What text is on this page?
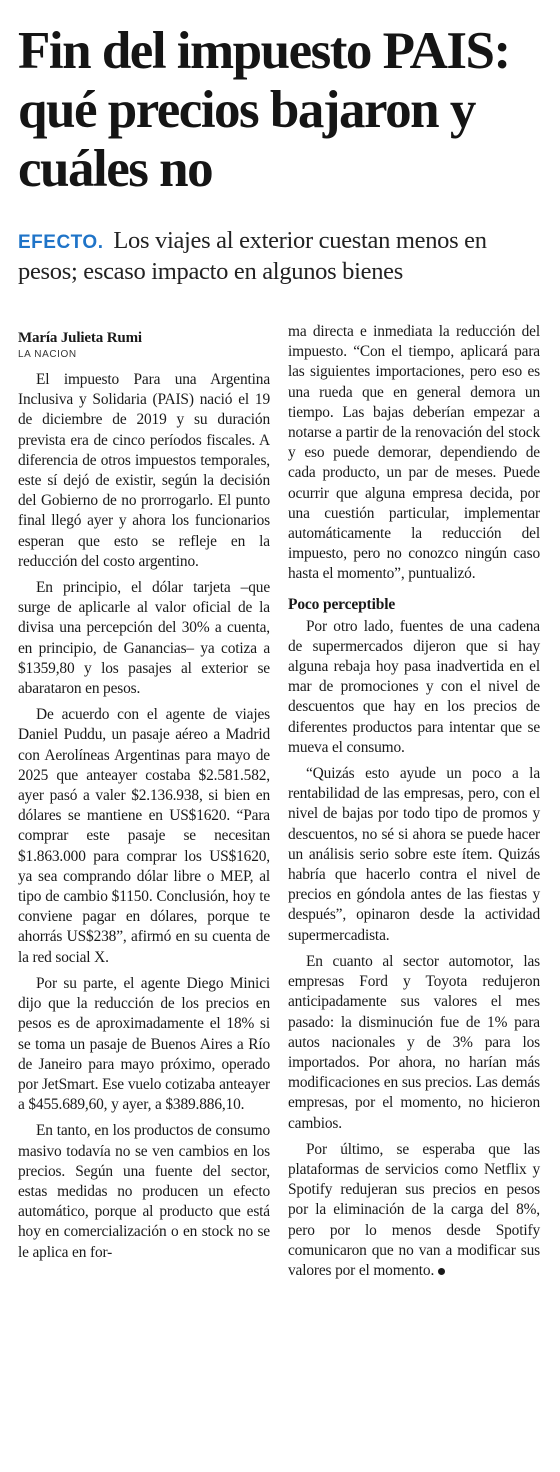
Fin del impuesto PAIS: qué precios bajaron y cuáles no

EFECTO. Los viajes al exterior cuestan menos en pesos; escaso impacto en algunos bienes

María Julieta Rumi
LA NACION

El impuesto Para una Argentina Inclusiva y Solidaria (PAIS) nació el 19 de diciembre de 2019 y su duración prevista era de cinco períodos fiscales. A diferencia de otros impuestos temporales, este sí dejó de existir, según la decisión del Gobierno de no prorrogarlo. El punto final llegó ayer y ahora los funcionarios esperan que esto se refleje en la reducción del costo argentino.

En principio, el dólar tarjeta –que surge de aplicarle al valor oficial de la divisa una percepción del 30% a cuenta, en principio, de Ganancias– ya cotiza a $1359,80 y los pasajes al exterior se abarataron en pesos.

De acuerdo con el agente de viajes Daniel Puddu, un pasaje aéreo a Madrid con Aerolíneas Argentinas para mayo de 2025 que anteayer costaba $2.581.582, ayer pasó a valer $2.136.938, si bien en dólares se mantiene en US$1620. “Para comprar este pasaje se necesitan $1.863.000 para comprar los US$1620, ya sea comprando dólar libre o MEP, al tipo de cambio $1150. Conclusión, hoy te conviene pagar en dólares, porque te ahorrás US$238”, afirmó en su cuenta de la red social X.

Por su parte, el agente Diego Minici dijo que la reducción de los precios en pesos es de aproximadamente el 18% si se toma un pasaje de Buenos Aires a Río de Janeiro para mayo próximo, operado por JetSmart. Ese vuelo cotizaba anteayer a $455.689,60, y ayer, a $389.886,10.

En tanto, en los productos de consumo masivo todavía no se ven cambios en los precios. Según una fuente del sector, estas medidas no producen un efecto automático, porque al producto que está hoy en comercialización o en stock no se le aplica en for-

ma directa e inmediata la reducción del impuesto. “Con el tiempo, aplicará para las siguientes importaciones, pero eso es una rueda que en general demora un tiempo. Las bajas deberían empezar a notarse a partir de la renovación del stock y eso puede demorar, dependiendo de cada producto, un par de meses. Puede ocurrir que alguna empresa decida, por una cuestión particular, implementar automáticamente la reducción del impuesto, pero no conozco ningún caso hasta el momento”, puntualizó.

Poco perceptible

Por otro lado, fuentes de una cadena de supermercados dijeron que si hay alguna rebaja hoy pasa inadvertida en el mar de promociones y con el nivel de descuentos que hay en los precios de diferentes productos para intentar que se mueva el consumo.

“Quizás esto ayude un poco a la rentabilidad de las empresas, pero, con el nivel de bajas por todo tipo de promos y descuentos, no sé si ahora se puede hacer un análisis serio sobre este ítem. Quizás habría que hacerlo contra el nivel de precios en góndola antes de las fiestas y después”, opinaron desde la actividad supermercadista.

En cuanto al sector automotor, las empresas Ford y Toyota redujeron anticipadamente sus valores el mes pasado: la disminución fue de 1% para autos nacionales y de 3% para los importados. Por ahora, no harían más modificaciones en sus precios. Las demás empresas, por el momento, no hicieron cambios.

Por último, se esperaba que las plataformas de servicios como Netflix y Spotify redujeran sus precios en pesos por la eliminación de la carga del 8%, pero por lo menos desde Spotify comunicaron que no van a modificar sus valores por el momento.
